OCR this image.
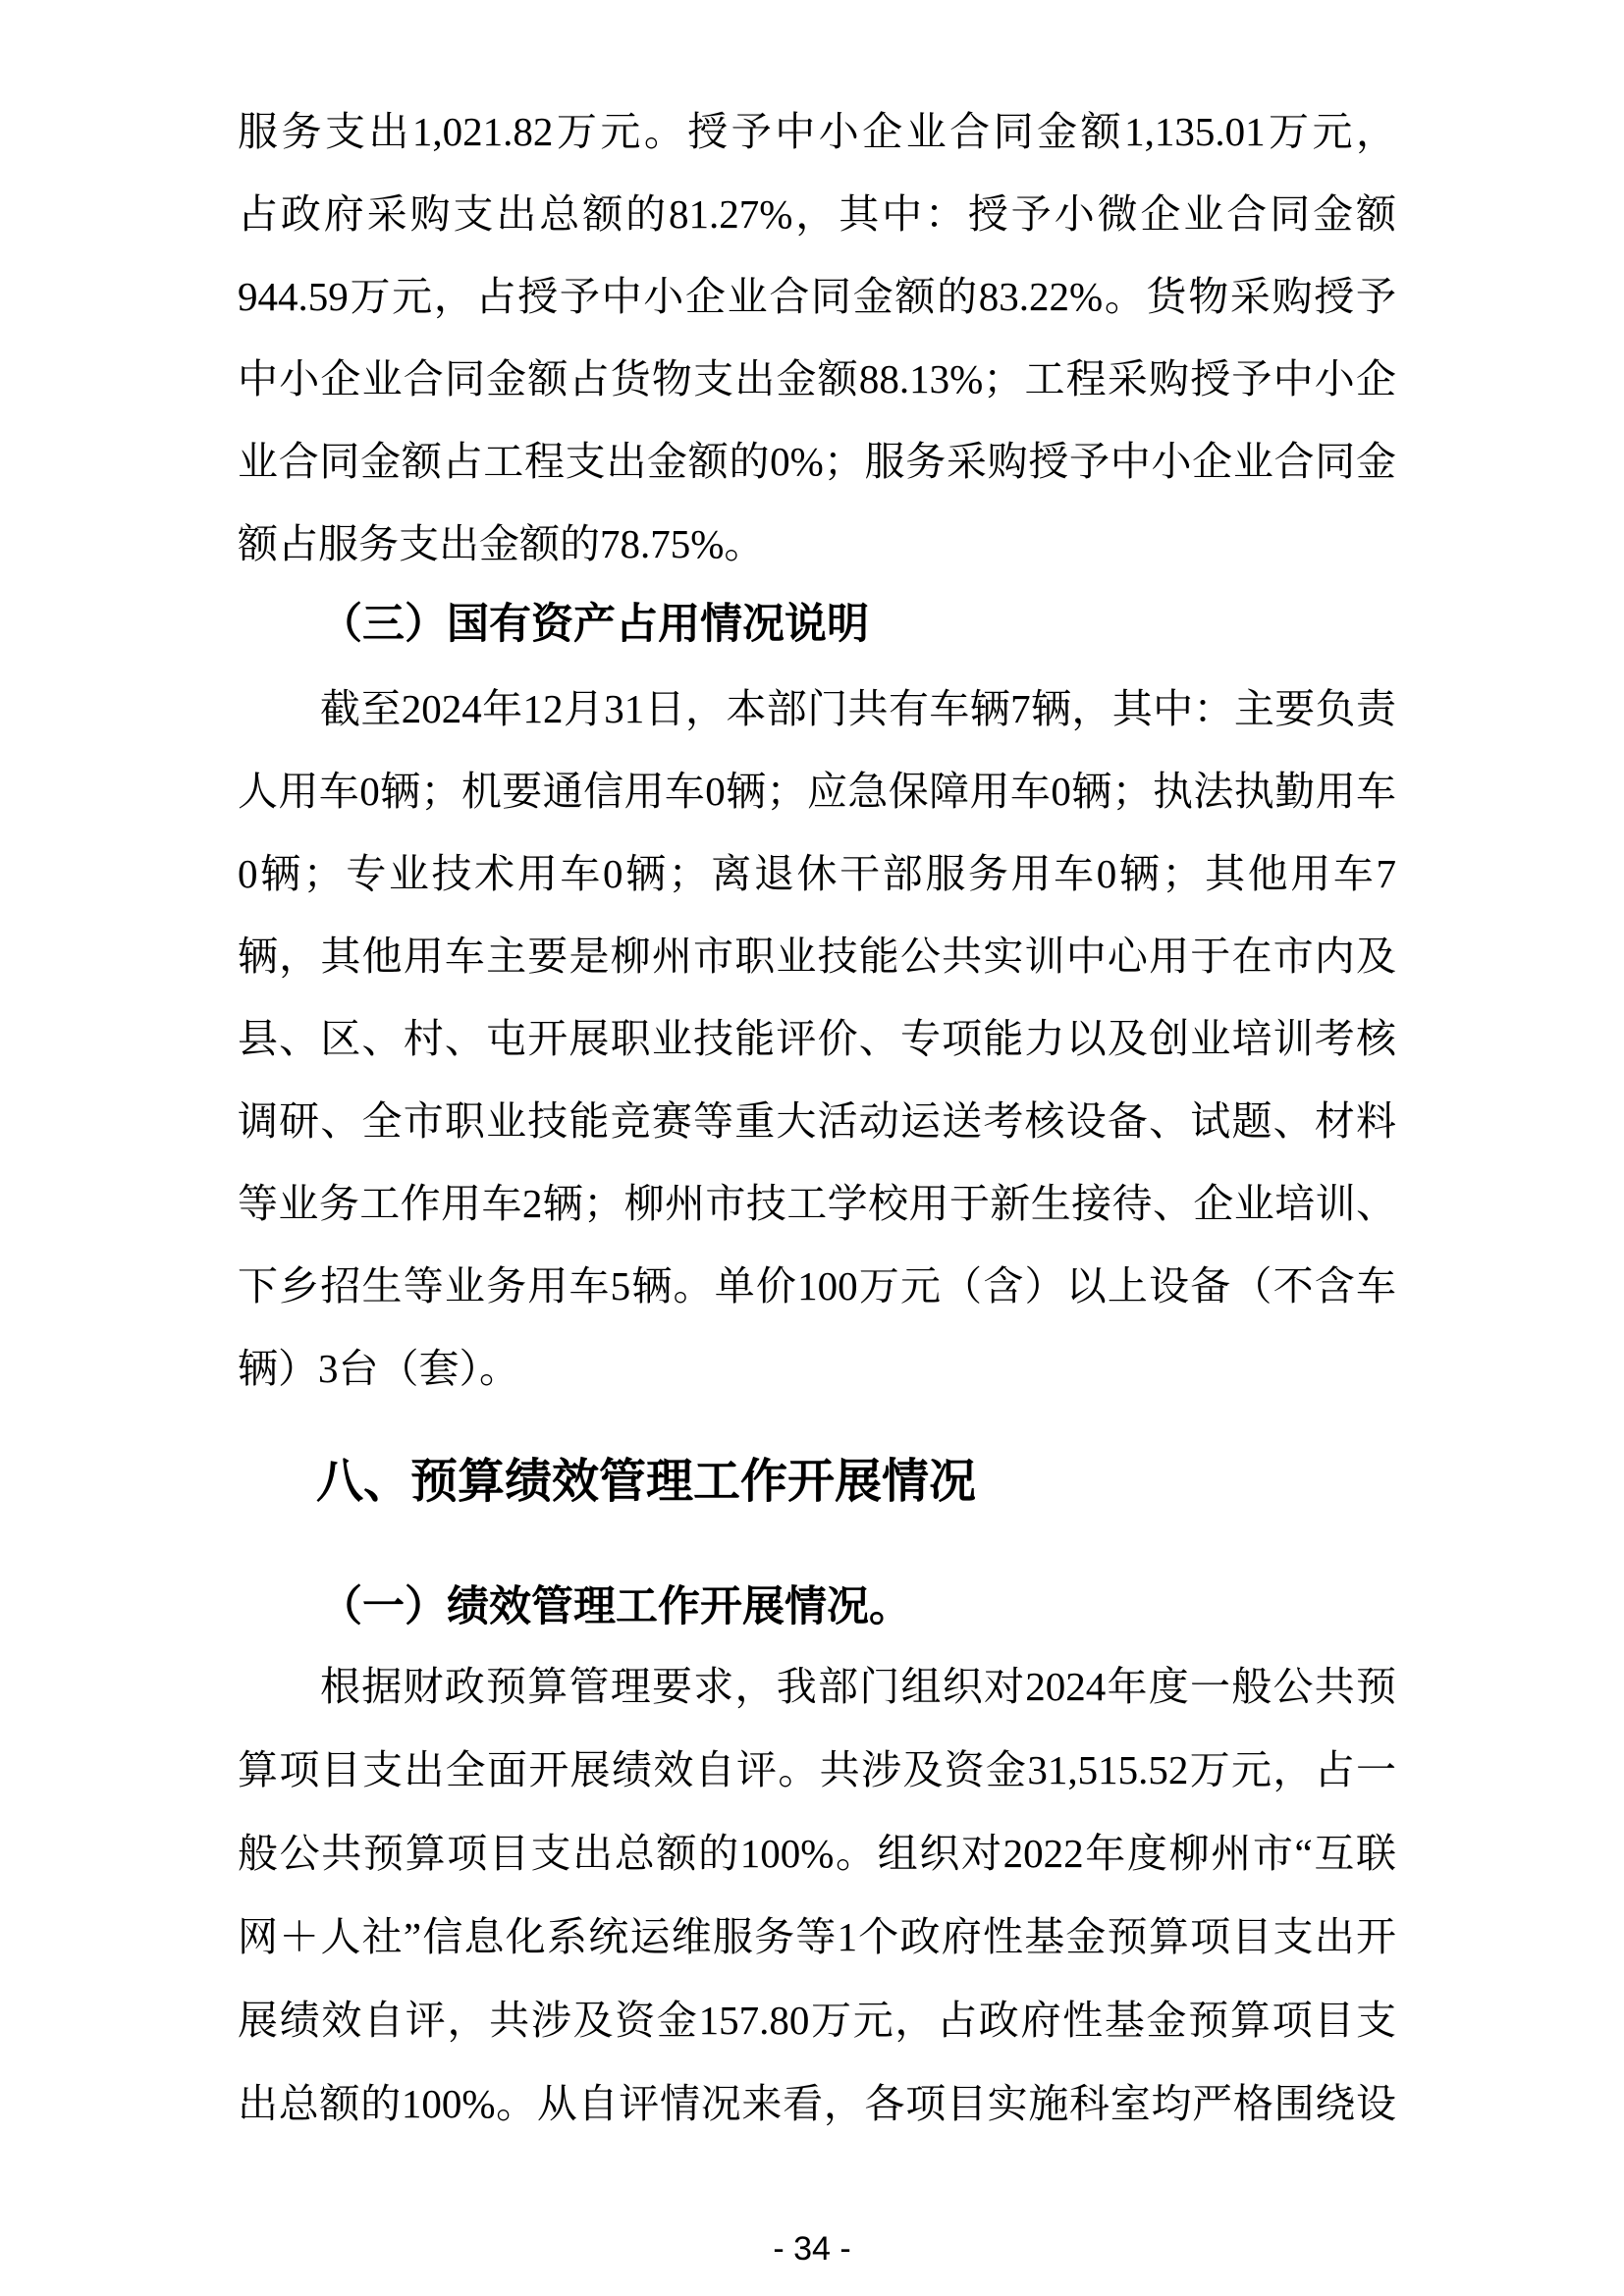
服务支出1,021.82万元。授予中小企业合同金额1,135.01万元，
占政府采购支出总额的81.27%，其中：授予小微企业合同金额
944.59万元，占授予中小企业合同金额的83.22%。货物采购授予
中小企业合同金额占货物支出金额88.13%；工程采购授予中小企
业合同金额占工程支出金额的0%；服务采购授予中小企业合同金
额占服务支出金额的78.75%。
（三）国有资产占用情况说明
截至2024年12月31日，本部门共有车辆7辆，其中：主要负责
人用车0辆；机要通信用车0辆；应急保障用车0辆；执法执勤用车
0辆；专业技术用车0辆；离退休干部服务用车0辆；其他用车7
辆，其他用车主要是柳州市职业技能公共实训中心用于在市内及
县、区、村、屯开展职业技能评价、专项能力以及创业培训考核
调研、全市职业技能竞赛等重大活动运送考核设备、试题、材料
等业务工作用车2辆；柳州市技工学校用于新生接待、企业培训、
下乡招生等业务用车5辆。单价100万元（含）以上设备（不含车
辆）3台（套）。
八、预算绩效管理工作开展情况
（一）绩效管理工作开展情况。
根据财政预算管理要求，我部门组织对2024年度一般公共预
算项目支出全面开展绩效自评。共涉及资金31,515.52万元，占一
般公共预算项目支出总额的100%。组织对2022年度柳州市“互联
网＋人社”信息化系统运维服务等1个政府性基金预算项目支出开
展绩效自评，共涉及资金157.80万元，占政府性基金预算项目支
出总额的100%。从自评情况来看，各项目实施科室均严格围绕设
- 34 -
